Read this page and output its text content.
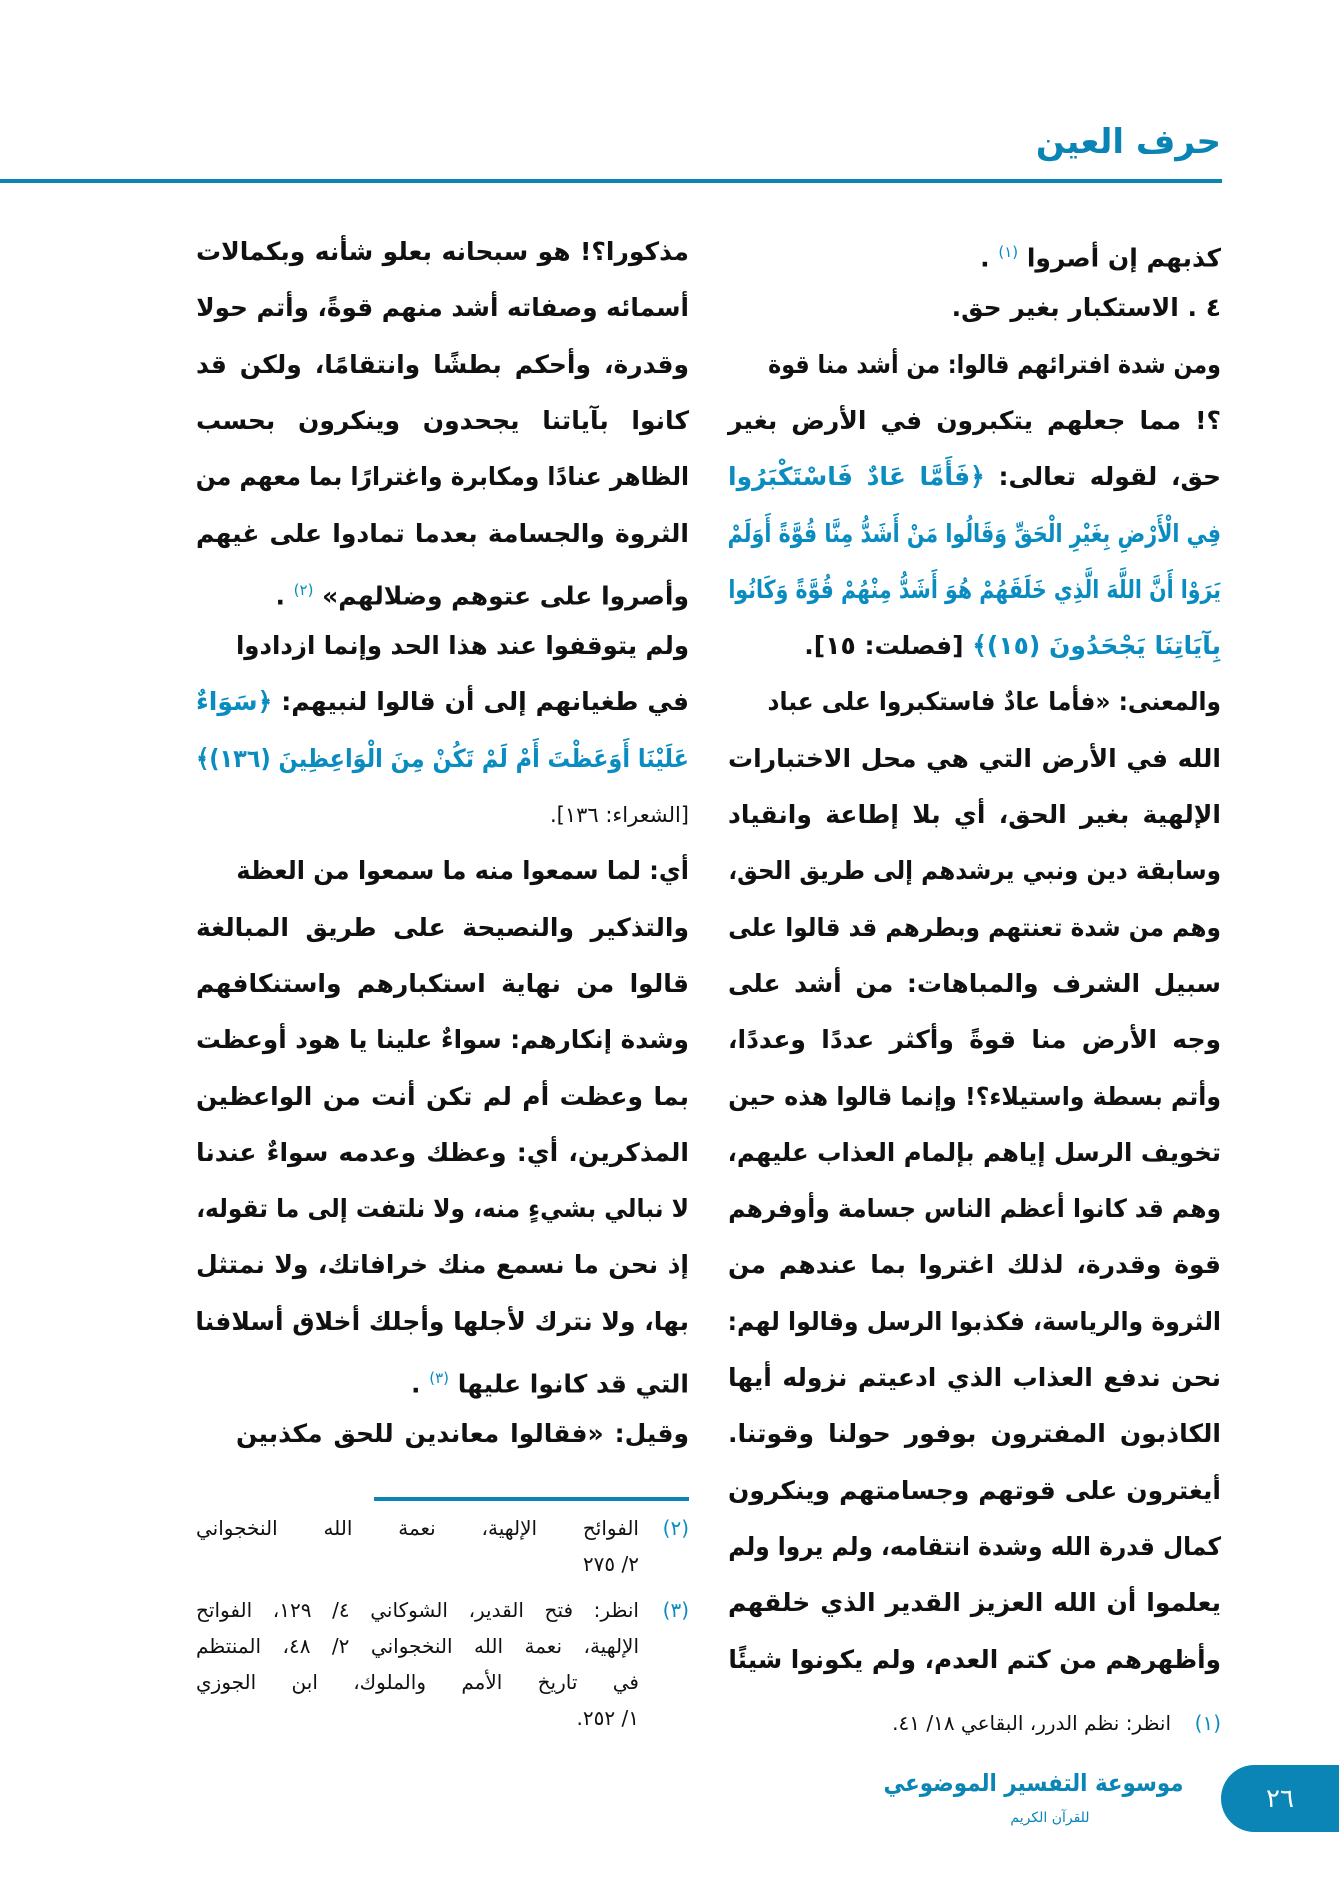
حرف العين
كذبهم إن أصروا $^{(١)}$ .
٤ . الاستكبار بغير حق.
ومن شدة افترائهم قالوا: من أشد منا قوة
؟! مما جعلهم يتكبرون في الأرض بغير
حق، لقوله تعالى: ﴿فَأَمَّا عَادٌ فَاسْتَكْبَرُوا
فِي الْأَرْضِ بِغَيْرِ الْحَقِّ وَقَالُوا مَنْ أَشَدُّ مِنَّا قُوَّةً أَوَلَمْ
يَرَوْا أَنَّ اللَّهَ الَّذِي خَلَقَهُمْ هُوَ أَشَدُّ مِنْهُمْ قُوَّةً وَكَانُوا
بِآيَاتِنَا يَجْحَدُونَ (١٥)﴾ [فصلت: ١٥].
والمعنى: «فأما عادٌ فاستكبروا على عباد
الله في الأرض التي هي محل الاختبارات
الإلهية بغير الحق، أي بلا إطاعة وانقياد
وسابقة دين ونبي يرشدهم إلى طريق الحق،
وهم من شدة تعنتهم وبطرهم قد قالوا على
سبيل الشرف والمباهات: من أشد على
وجه الأرض منا قوةً وأكثر عددًا وعددًا،
وأتم بسطة واستيلاء؟! وإنما قالوا هذه حين
تخويف الرسل إياهم بإلمام العذاب عليهم،
وهم قد كانوا أعظم الناس جسامة وأوفرهم
قوة وقدرة، لذلك اغتروا بما عندهم من
الثروة والرياسة، فكذبوا الرسل وقالوا لهم:
نحن ندفع العذاب الذي ادعيتم نزوله أيها
الكاذبون المفترون بوفور حولنا وقوتنا.
أيغترون على قوتهم وجسامتهم وينكرون
كمال قدرة الله وشدة انتقامه، ولم يروا ولم
يعلموا أن الله العزيز القدير الذي خلقهم
وأظهرهم من كتم العدم، ولم يكونوا شيئًا
مذكورا؟! هو سبحانه بعلو شأنه وبكمالات
أسمائه وصفاته أشد منهم قوةً، وأتم حولا
وقدرة، وأحكم بطشًا وانتقامًا، ولكن قد
كانوا بآياتنا يجحدون وينكرون بحسب
الظاهر عنادًا ومكابرة واغترارًا بما معهم من
الثروة والجسامة بعدما تمادوا على غيهم
وأصروا على عتوهم وضلالهم» $^{(٢)}$ .
ولم يتوقفوا عند هذا الحد وإنما ازدادوا
في طغيانهم إلى أن قالوا لنبيهم: ﴿سَوَاءٌ
عَلَيْنَا أَوَعَظْتَ أَمْ لَمْ تَكُنْ مِنَ الْوَاعِظِينَ (١٣٦)﴾
[الشعراء: ١٣٦].
أي: لما سمعوا منه ما سمعوا من العظة
والتذكير والنصيحة على طريق المبالغة
قالوا من نهاية استكبارهم واستنكافهم
وشدة إنكارهم: سواءٌ علينا يا هود أوعظت
بما وعظت أم لم تكن أنت من الواعظين
المذكرين، أي: وعظك وعدمه سواءٌ عندنا
لا نبالي بشيءٍ منه، ولا نلتفت إلى ما تقوله،
إذ نحن ما نسمع منك خرافاتك، ولا نمتثل
بها، ولا نترك لأجلها وأجلك أخلاق أسلافنا
التي قد كانوا عليها $^{(٣)}$ .
وقيل: «فقالوا معاندين للحق مكذبين
(١)
انظر: نظم الدرر، البقاعي ١٨/ ٤١.
(٢)
الفوائح الإلهية، نعمة الله النخجواني
٢/ ٢٧٥
(٣)
انظر: فتح القدير، الشوكاني ٤/ ١٢٩، الفواتح
الإلهية، نعمة الله النخجواني ٢/ ٤٨، المنتظم
في تاريخ الأمم والملوك، ابن الجوزي
١/ ٢٥٢.
٢٦
موسوعة التفسير الموضوعي
للقرآن الكريم
